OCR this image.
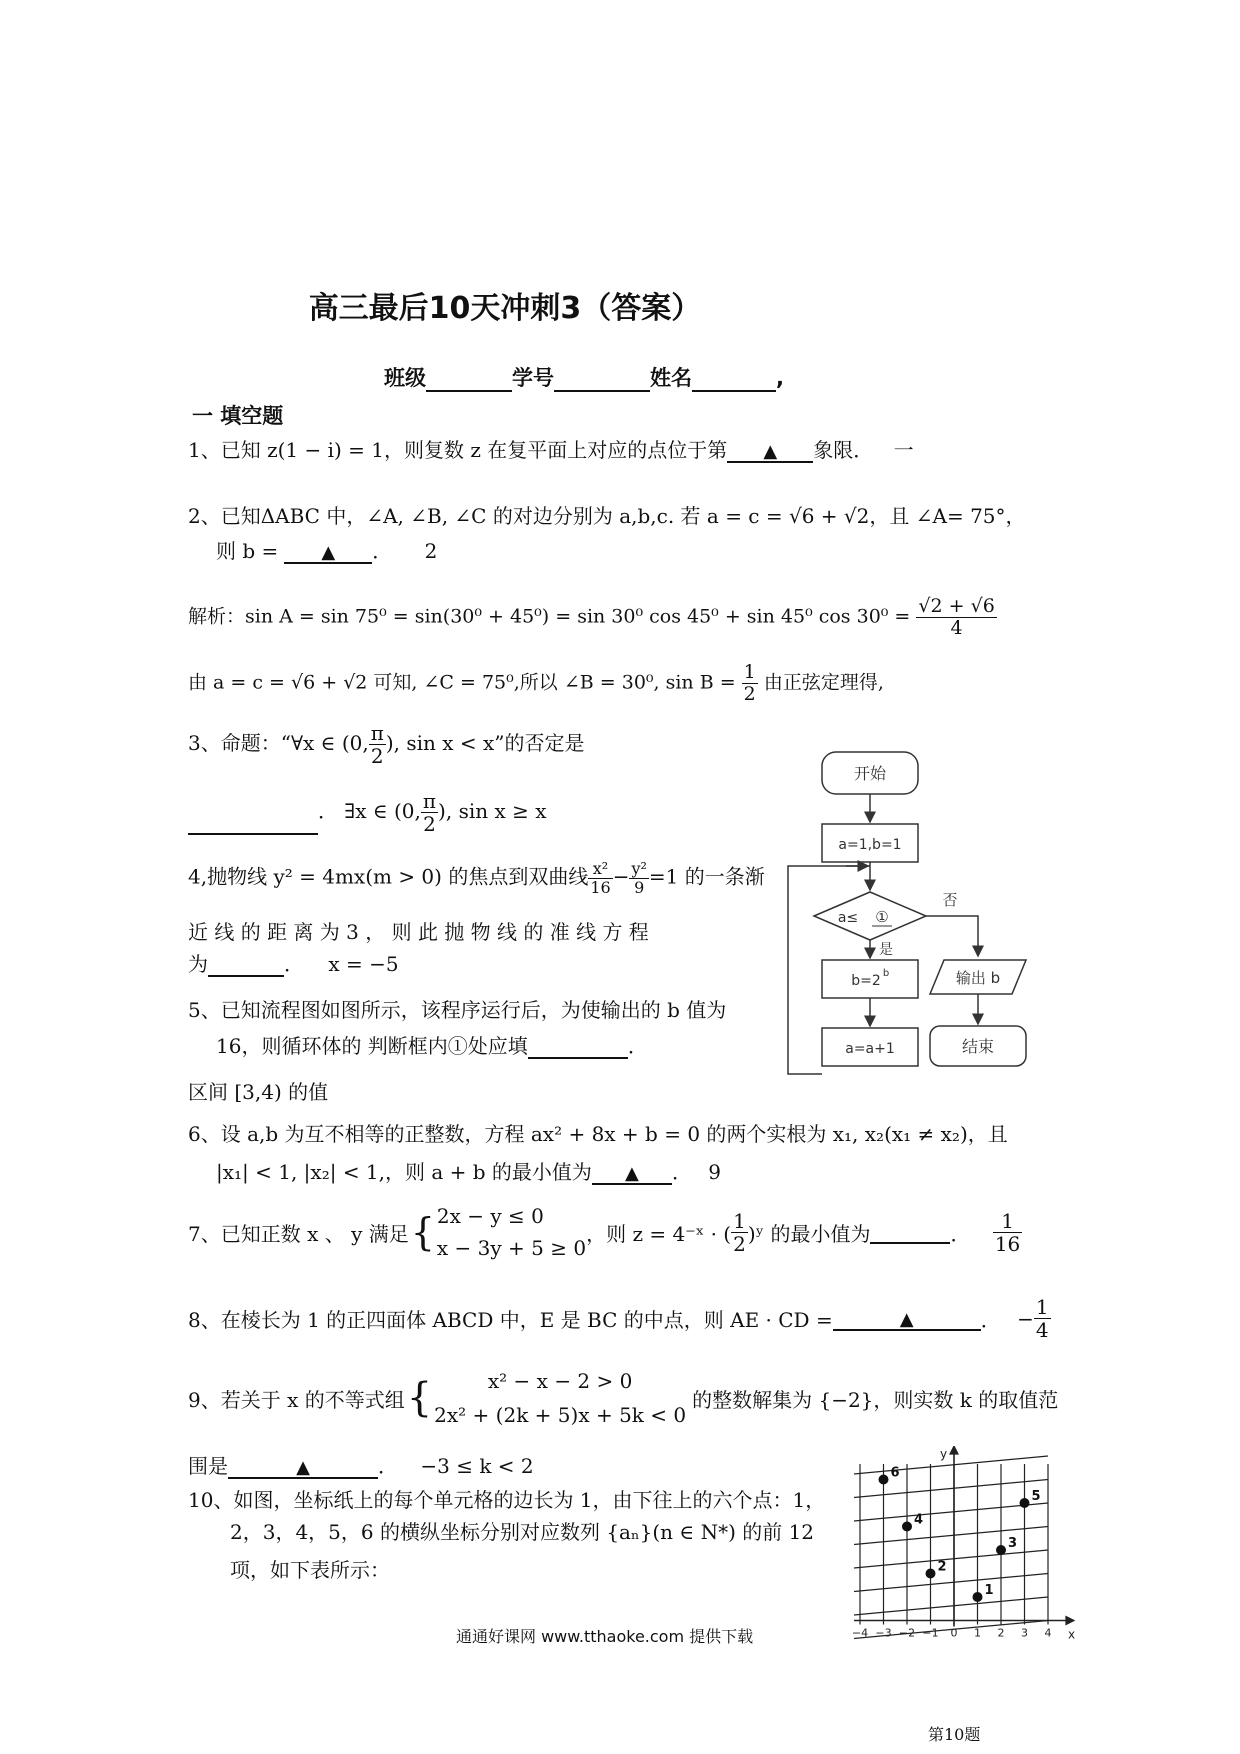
高三最后10天冲刺3（答案）
班级	学号	姓名	,
一 填空题
1、已知 z(1 − i) = 1，则复数 z 在复平面上对应的点位于第 ▲ 象限． 一
2、已知ΔABC 中，∠A, ∠B, ∠C 的对边分别为 a,b,c. 若 a = c = √6 + √2，且 ∠A= 75°，
则 b = ▲ ． 2
解析：sin A = sin 75⁰ = sin(30⁰ + 45⁰) = sin 30⁰ cos 45⁰ + sin 45⁰ $\cos 30^0 = \frac{√2 + √6}{4}$
由 a = c = √6 + √2 可知, ∠C = 75⁰,所以 ∠B = 30⁰, $\sin B = \frac{1}{2}$ 由正弦定理得,
3、命题：“∀x ∈ (0, $\frac{\pi}{2}$ ), sin x < x”的否定是
． ∃x ∈ (0, $\frac{\pi}{2}$ ), sin x ≥ x
4,抛物线 y² = 4mx(m > 0) 的焦点到双曲线 $\frac{\text{x²}}{16} - \frac{\text{y²}}{9} =1$ 的一条渐
近 线 的 距 离 为 3 ， 则 此 抛 物 线 的 准 线 方 程
为	． x = −5
5、已知流程图如图所示，该程序运行后，为使输出的 b 值为
16，则循环体的 判断框内①处应填	．
区间 [3,4) 的值
开始
a=1,b=1
a≤ ①
否
是
b=2 b	输出 b
a=a+1	结束
6、设 a,b 为互不相等的正整数，方程 ax² + 8x + b = 0 的两个实根为 x₁, x₂(x₁ ≠ x₂)，且
|x₁| < 1, |x₂| < 1,，则 a + b 的最小值为 ▲ ． 9
7、已知正数 x 、 y 满足{ 2x − y ≤ 0
x − 3y + 5 ≥ 0
，则 z = 4⁻ˣ · ( $\frac{1}{2}$ )ʸ 的最小值为	． $\frac{1}{16}$
8、在棱长为 1 的正四面体 ABCD 中，E 是 BC 的中点，则 AE · CD =	▲	． − $\frac{1}{4}$
9、若关于 x 的不等式组{	x² − x − 2 > 0
2x² + (2k + 5)x + 5k < 0
的整数解集为 {−2}，则实数 k 的取值范
围是	▲	． −3 ≤ k < 2
10、如图，坐标纸上的每个单元格的边长为 1，由下往上的六个点：1，
2，3，4，5，6 的横纵坐标分别对应数列 {aₙ}(n ∈ N*) 的前 12
项，如下表所示：
−4 −3 −2 −1 0 1 2 3 4
1
2
3
4
5
6
y
x
第10题
通通好课网 www.tthaoke.com 提供下载
